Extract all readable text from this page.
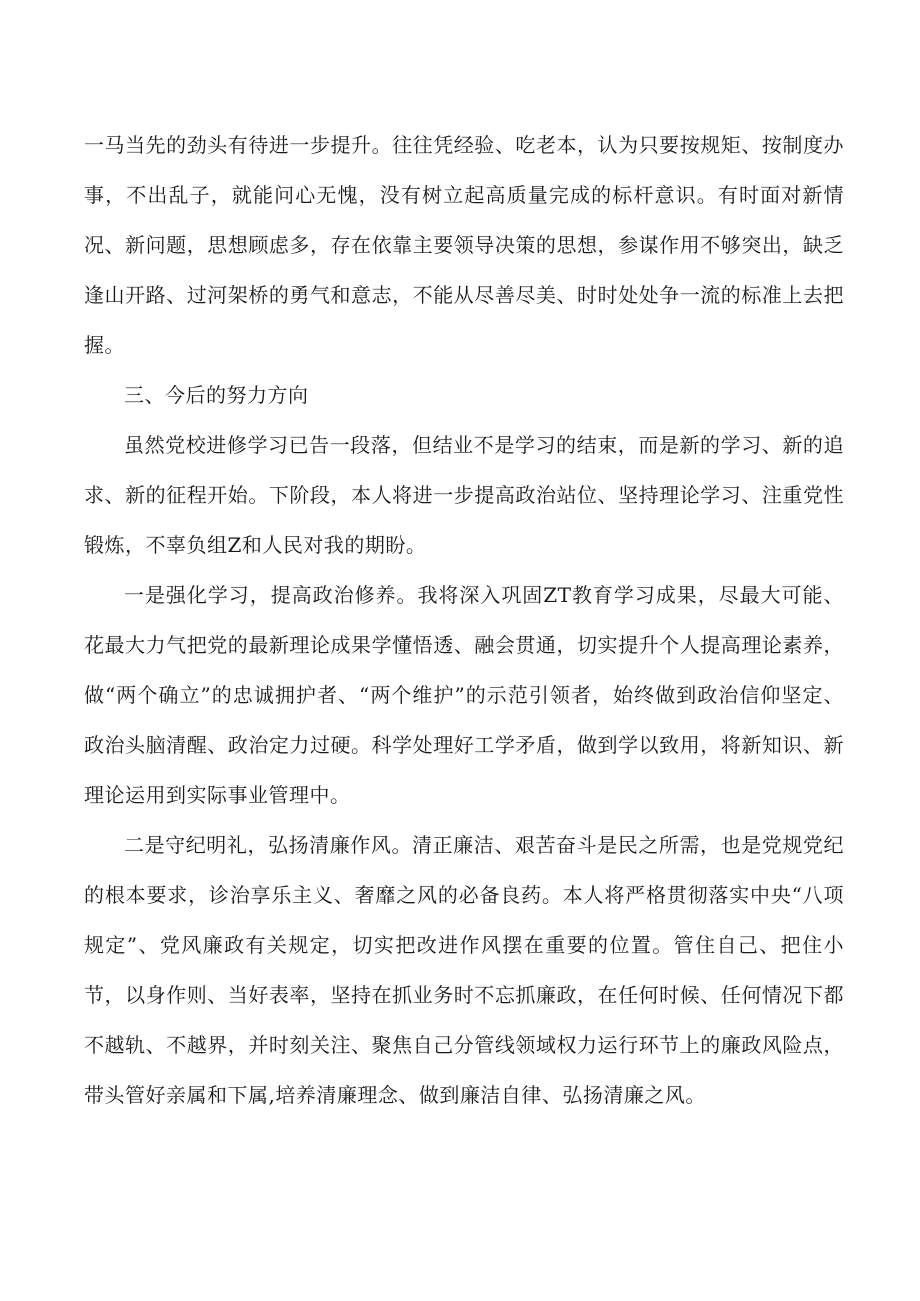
一马当先的劲头有待进一步提升。往往凭经验、吃老本，认为只要按规矩、按制度办事，不出乱子，就能问心无愧，没有树立起高质量完成的标杆意识。有时面对新情况、新问题，思想顾虑多，存在依靠主要领导决策的思想，参谋作用不够突出，缺乏逢山开路、过河架桥的勇气和意志，不能从尽善尽美、时时处处争一流的标准上去把握。

三、今后的努力方向

虽然党校进修学习已告一段落，但结业不是学习的结束，而是新的学习、新的追求、新的征程开始。下阶段，本人将进一步提高政治站位、坚持理论学习、注重党性锻炼，不辜负组Z和人民对我的期盼。

一是强化学习，提高政治修养。我将深入巩固ZT教育学习成果，尽最大可能、花最大力气把党的最新理论成果学懂悟透、融会贯通，切实提升个人提高理论素养，做“两个确立”的忠诚拥护者、“两个维护”的示范引领者，始终做到政治信仰坚定、政治头脑清醒、政治定力过硬。科学处理好工学矛盾，做到学以致用，将新知识、新理论运用到实际事业管理中。

二是守纪明礼，弘扬清廉作风。清正廉洁、艰苦奋斗是民之所需，也是党规党纪的根本要求，诊治享乐主义、奢靡之风的必备良药。本人将严格贯彻落实中央“八项规定”、党风廉政有关规定，切实把改进作风摆在重要的位置。管住自己、把住小节，以身作则、当好表率，坚持在抓业务时不忘抓廉政，在任何时候、任何情况下都不越轨、不越界，并时刻关注、聚焦自己分管线领域权力运行环节上的廉政风险点，带头管好亲属和下属,培养清廉理念、做到廉洁自律、弘扬清廉之风。
